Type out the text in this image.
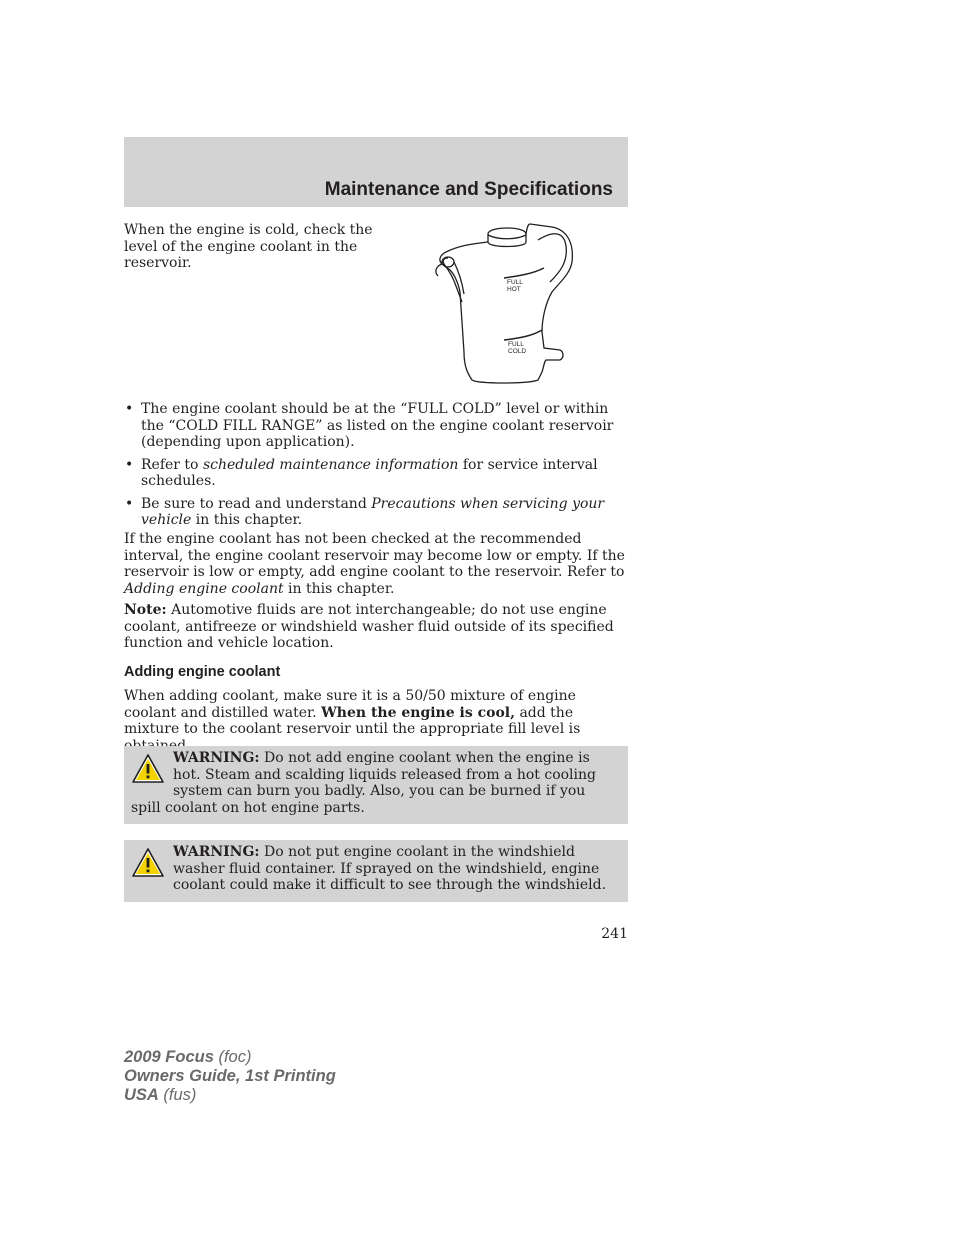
Maintenance and Specifications
When the engine is cold, check the level of the engine coolant in the reservoir.
FULL
HOT
FULL
COLD
• The engine coolant should be at the “FULL COLD” level or within the “COLD FILL RANGE” as listed on the engine coolant reservoir (depending upon application).
• Refer to scheduled maintenance information for service interval schedules.
• Be sure to read and understand Precautions when servicing your vehicle in this chapter.

If the engine coolant has not been checked at the recommended interval, the engine coolant reservoir may become low or empty. If the reservoir is low or empty, add engine coolant to the reservoir. Refer to Adding engine coolant in this chapter.

Note: Automotive fluids are not interchangeable; do not use engine coolant, antifreeze or windshield washer fluid outside of its specified function and vehicle location.

Adding engine coolant

When adding coolant, make sure it is a 50/50 mixture of engine coolant and distilled water. When the engine is cool, add the mixture to the coolant reservoir until the appropriate fill level is

WARNING: Do not add engine coolant when the engine is hot. Steam and scalding liquids released from a hot cooling system can burn you badly. Also, you can be burned if you spill coolant on hot engine parts.
WARNING: Do not put engine coolant in the windshield washer fluid container. If sprayed on the windshield, engine coolant could make it difficult to see through the windshield.
241
2009 Focus (foc)
Owners Guide, 1st Printing
USA (fus)
